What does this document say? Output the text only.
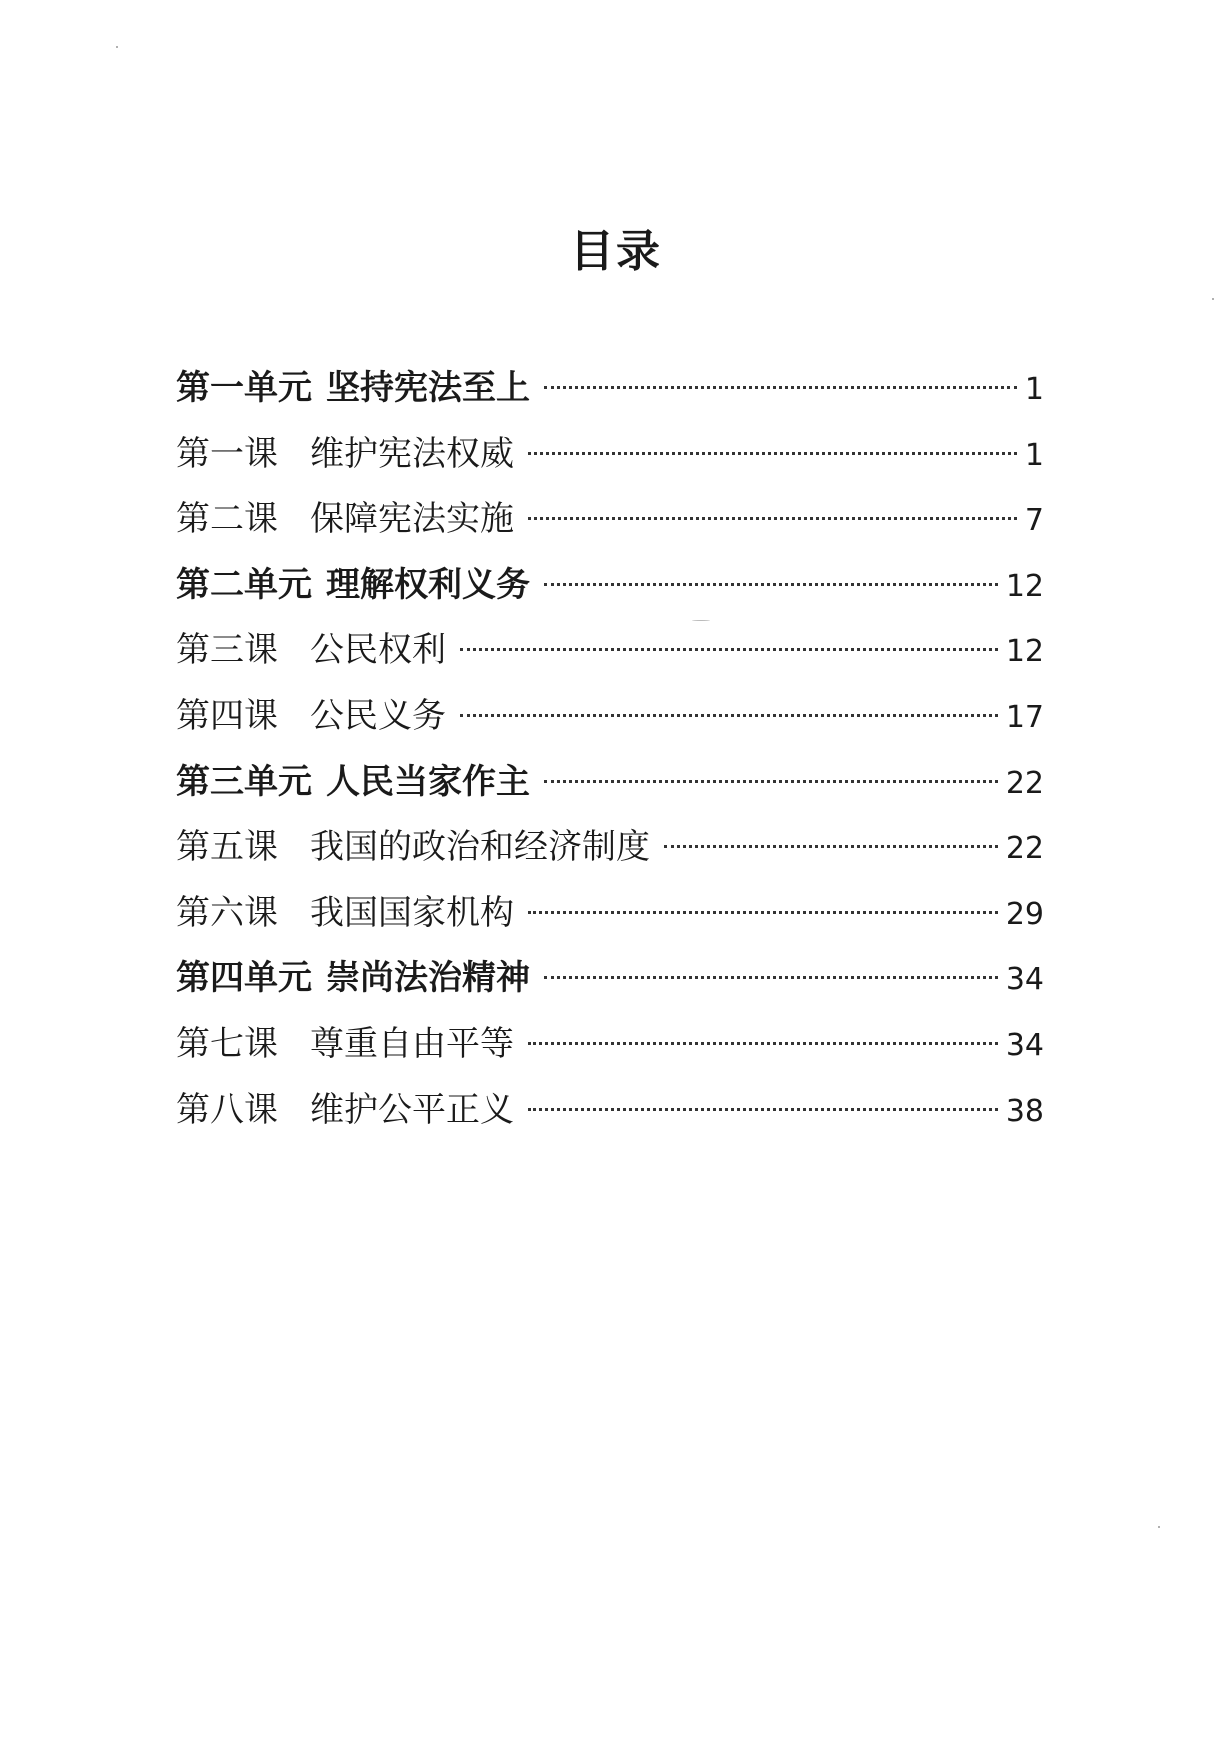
目录
第一单元 坚持宪法至上	1
第一课 维护宪法权威	1
第二课 保障宪法实施	7
第二单元 理解权利义务	12
第三课 公民权利	12
第四课 公民义务	17
第三单元 人民当家作主	22
第五课 我国的政治和经济制度	22
第六课 我国国家机构	29
第四单元 崇尚法治精神	34
第七课 尊重自由平等	34
第八课 维护公平正义	38
